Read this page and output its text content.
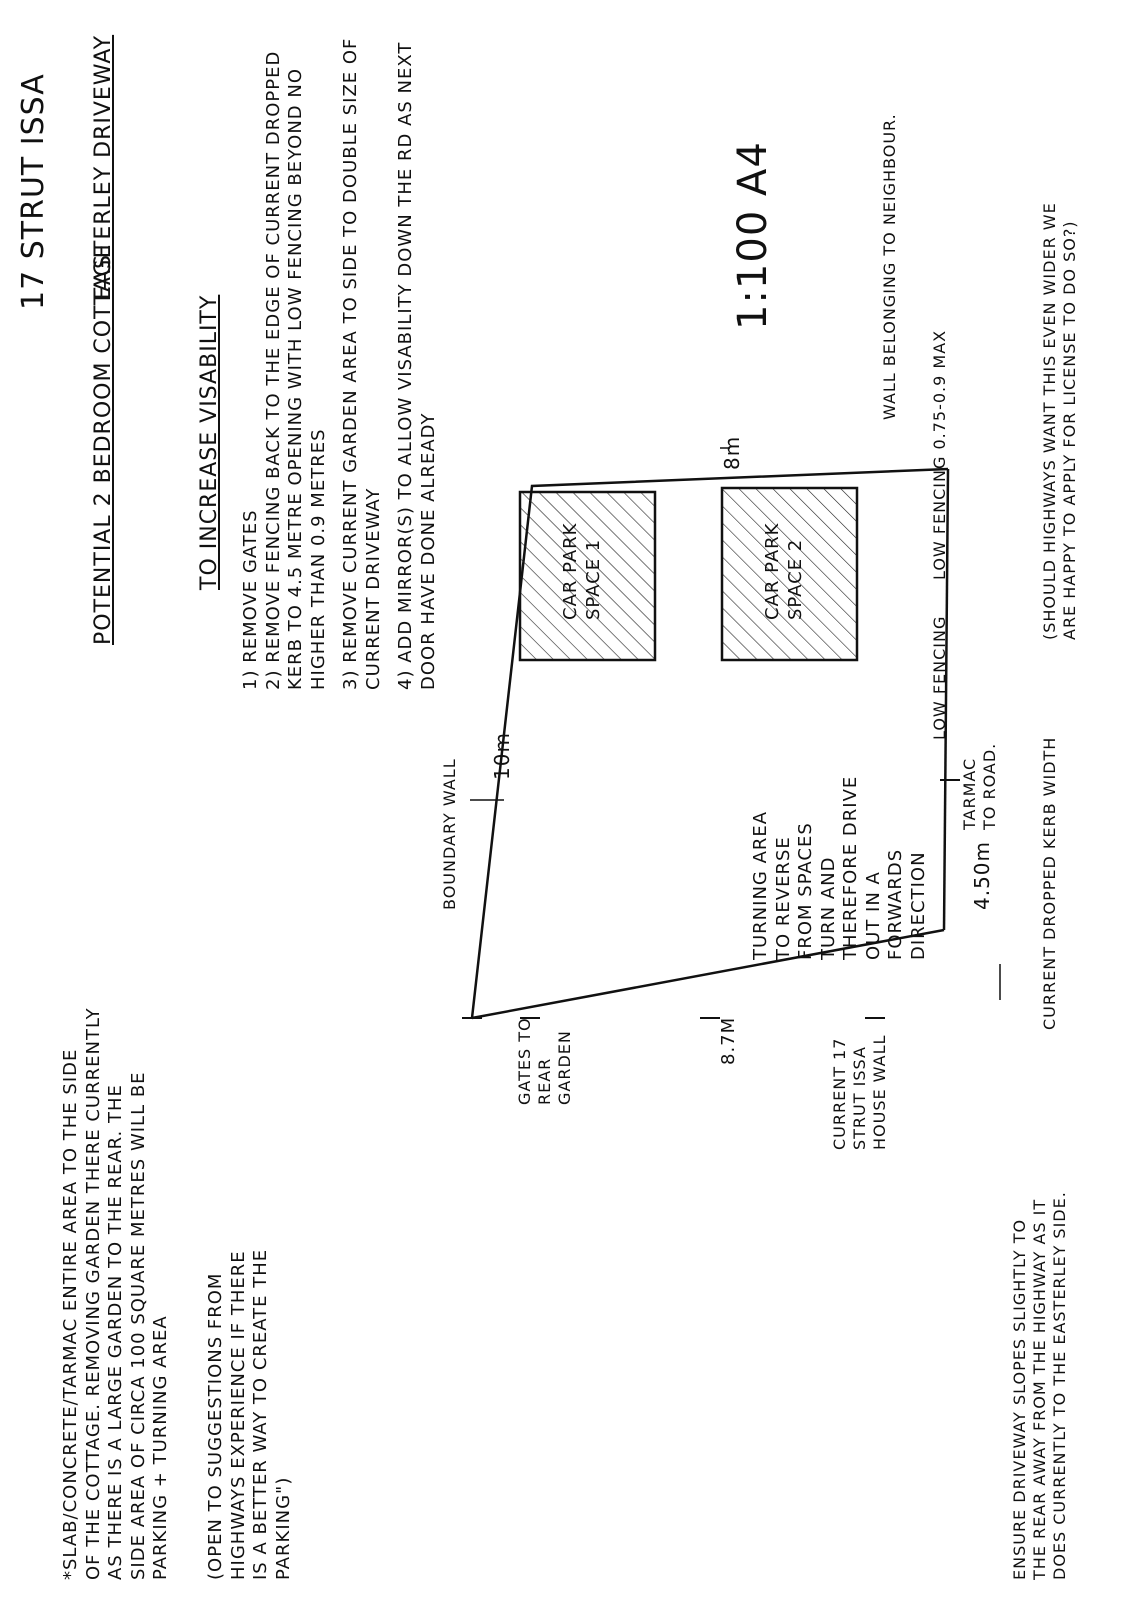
EASTERLEY DRIVEWAY
POTENTIAL 2 BEDROOM COTTAGE
17 STRUT ISSA
TO INCREASE VISABILITY
1) REMOVE GATES 2) REMOVE FENCING BACK TO THE EDGE OF CURRENT DROPPED KERB TO 4.5 METRE OPENING WITH LOW FENCING BEYOND NO HIGHER THAN 0.9 METRES 3) REMOVE CURRENT GARDEN AREA TO SIDE TO DOUBLE SIZE OF CURRENT DRIVEWAY 4) ADD MIRROR(S) TO ALLOW VISABILITY DOWN THE RD AS NEXT DOOR HAVE DONE ALREADY
1:100 A4
*SLAB/CONCRETE/TARMAC ENTIRE AREA TO THE SIDE OF THE COTTAGE. REMOVING GARDEN THERE CURRENTLY AS THERE IS A LARGE GARDEN TO THE REAR. THE SIDE AREA OF CIRCA 100 SQUARE METRES WILL BE PARKING + TURNING AREA (OPEN TO SUGGESTIONS FROM HIGHWAYS EXPERIENCE IF THERE IS A BETTER WAY TO CREATE THE PARKING")	ENSURE DRIVEWAY SLOPES SLIGHTLY TO THE REAR AWAY FROM THE HIGHWAY AS IT DOES CURRENTLY TO THE EASTERLEY SIDE.
BOUNDARY WALL
10m
8m
8.7M
4.50m
CAR PARK SPACE 1	CAR PARK SPACE 2
TURNING AREA TO REVERSE FROM SPACES TURN AND THEREFORE DRIVE OUT IN A FORWARDS DIRECTION
LOW FENCING
TARMAC TO ROAD.
LOW FENCING 0.75-0.9 MAX
WALL BELONGING TO NEIGHBOUR.
GATES TO REAR GARDEN	CURRENT 17 STRUT ISSA HOUSE WALL
CURRENT DROPPED KERB WIDTH
(SHOULD HIGHWAYS WANT THIS EVEN WIDER WE ARE HAPPY TO APPLY FOR LICENSE TO DO SO?)
